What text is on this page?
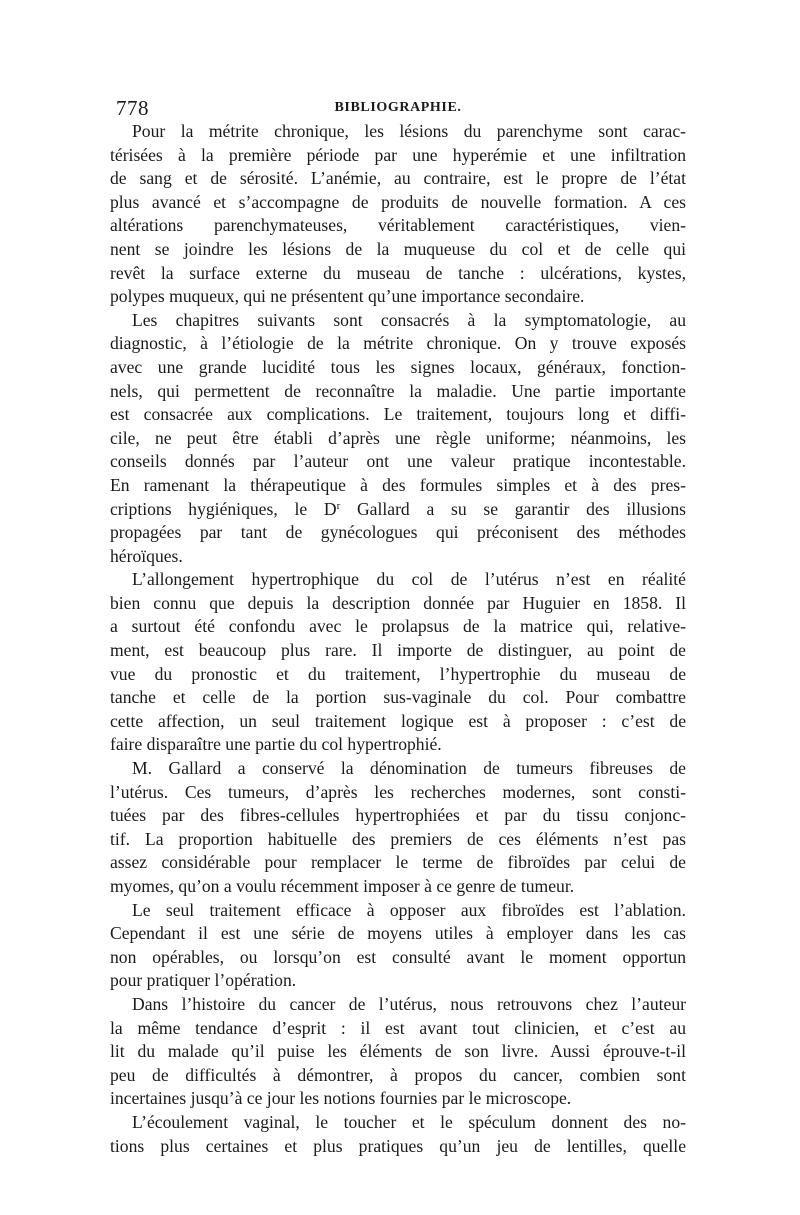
778	BIBLIOGRAPHIE.
Pour la métrite chronique, les lésions du parenchyme sont carac-
térisées à la première période par une hyperémie et une infiltration
de sang et de sérosité. L’anémie, au contraire, est le propre de l’état
plus avancé et s’accompagne de produits de nouvelle formation. A ces
altérations parenchymateuses, véritablement caractéristiques, vien-
nent se joindre les lésions de la muqueuse du col et de celle qui
revêt la surface externe du museau de tanche : ulcérations, kystes,
polypes muqueux, qui ne présentent qu’une importance secondaire.
Les chapitres suivants sont consacrés à la symptomatologie, au
diagnostic, à l’étiologie de la métrite chronique. On y trouve exposés
avec une grande lucidité tous les signes locaux, généraux, fonction-
nels, qui permettent de reconnaître la maladie. Une partie importante
est consacrée aux complications. Le traitement, toujours long et diffi-
cile, ne peut être établi d’après une règle uniforme; néanmoins, les
conseils donnés par l’auteur ont une valeur pratique incontestable.
En ramenant la thérapeutique à des formules simples et à des pres-
criptions hygiéniques, le $D^r$ Gallard a su se garantir des illusions
propagées par tant de gynécologues qui préconisent des méthodes
héroïques.
L’allongement hypertrophique du col de l’utérus n’est en réalité
bien connu que depuis la description donnée par Huguier en 1858. Il
a surtout été confondu avec le prolapsus de la matrice qui, relative-
ment, est beaucoup plus rare. Il importe de distinguer, au point de
vue du pronostic et du traitement, l’hypertrophie du museau de
tanche et celle de la portion sus-vaginale du col. Pour combattre
cette affection, un seul traitement logique est à proposer : c’est de
faire disparaître une partie du col hypertrophié.
M. Gallard a conservé la dénomination de tumeurs fibreuses de
l’utérus. Ces tumeurs, d’après les recherches modernes, sont consti-
tuées par des fibres-cellules hypertrophiées et par du tissu conjonc-
tif. La proportion habituelle des premiers de ces éléments n’est pas
assez considérable pour remplacer le terme de fibroïdes par celui de
myomes, qu’on a voulu récemment imposer à ce genre de tumeur.
Le seul traitement efficace à opposer aux fibroïdes est l’ablation.
Cependant il est une série de moyens utiles à employer dans les cas
non opérables, ou lorsqu’on est consulté avant le moment opportun
pour pratiquer l’opération.
Dans l’histoire du cancer de l’utérus, nous retrouvons chez l’auteur
la même tendance d’esprit : il est avant tout clinicien, et c’est au
lit du malade qu’il puise les éléments de son livre. Aussi éprouve-t-il
peu de difficultés à démontrer, à propos du cancer, combien sont
incertaines jusqu’à ce jour les notions fournies par le microscope.
L’écoulement vaginal, le toucher et le spéculum donnent des no-
tions plus certaines et plus pratiques qu’un jeu de lentilles, quelle
